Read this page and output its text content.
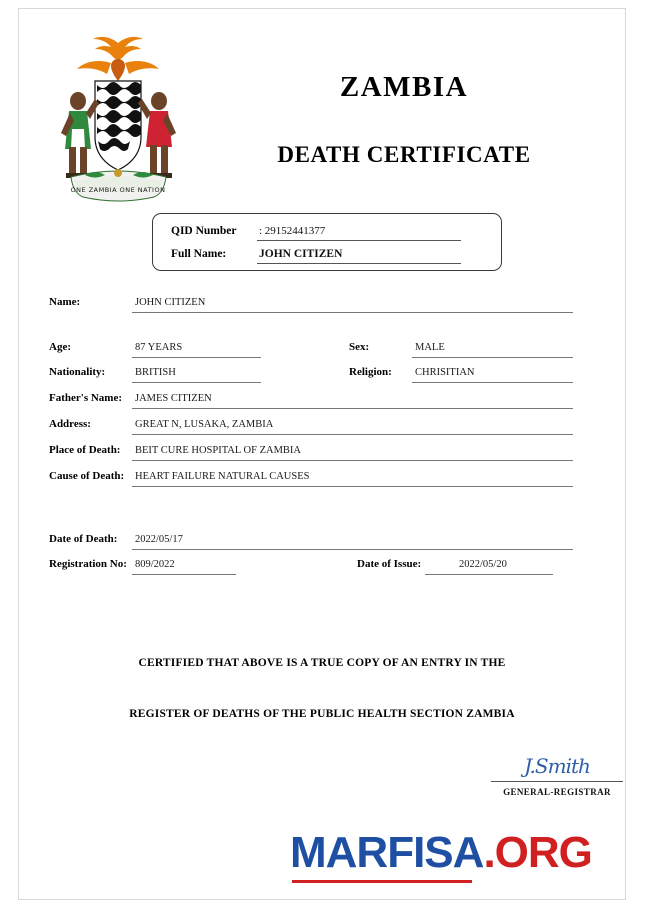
ONE ZAMBIA ONE NATION
ZAMBIA
DEATH CERTIFICATE
QID Number : 29152441377
Full Name:	JOHN CITIZEN
Name:	JOHN CITIZEN
Age:	87 YEARS	Sex:	MALE
Nationality:	BRITISH	Religion: CHRISITIAN
Father's Name: JAMES CITIZEN
Address:	GREAT N, LUSAKA, ZAMBIA
Place of Death: BEIT CURE HOSPITAL OF ZAMBIA
Cause of Death: HEART FAILURE NATURAL CAUSES
Date of Death: 2022/05/17
Registration No: 809/2022	Date of Issue:	2022/05/20
CERTIFIED THAT ABOVE IS A TRUE COPY OF AN ENTRY IN THE
REGISTER OF DEATHS OF THE PUBLIC HEALTH SECTION ZAMBIA
J.Smith
GENERAL-REGISTRAR
MARFISA.ORG
